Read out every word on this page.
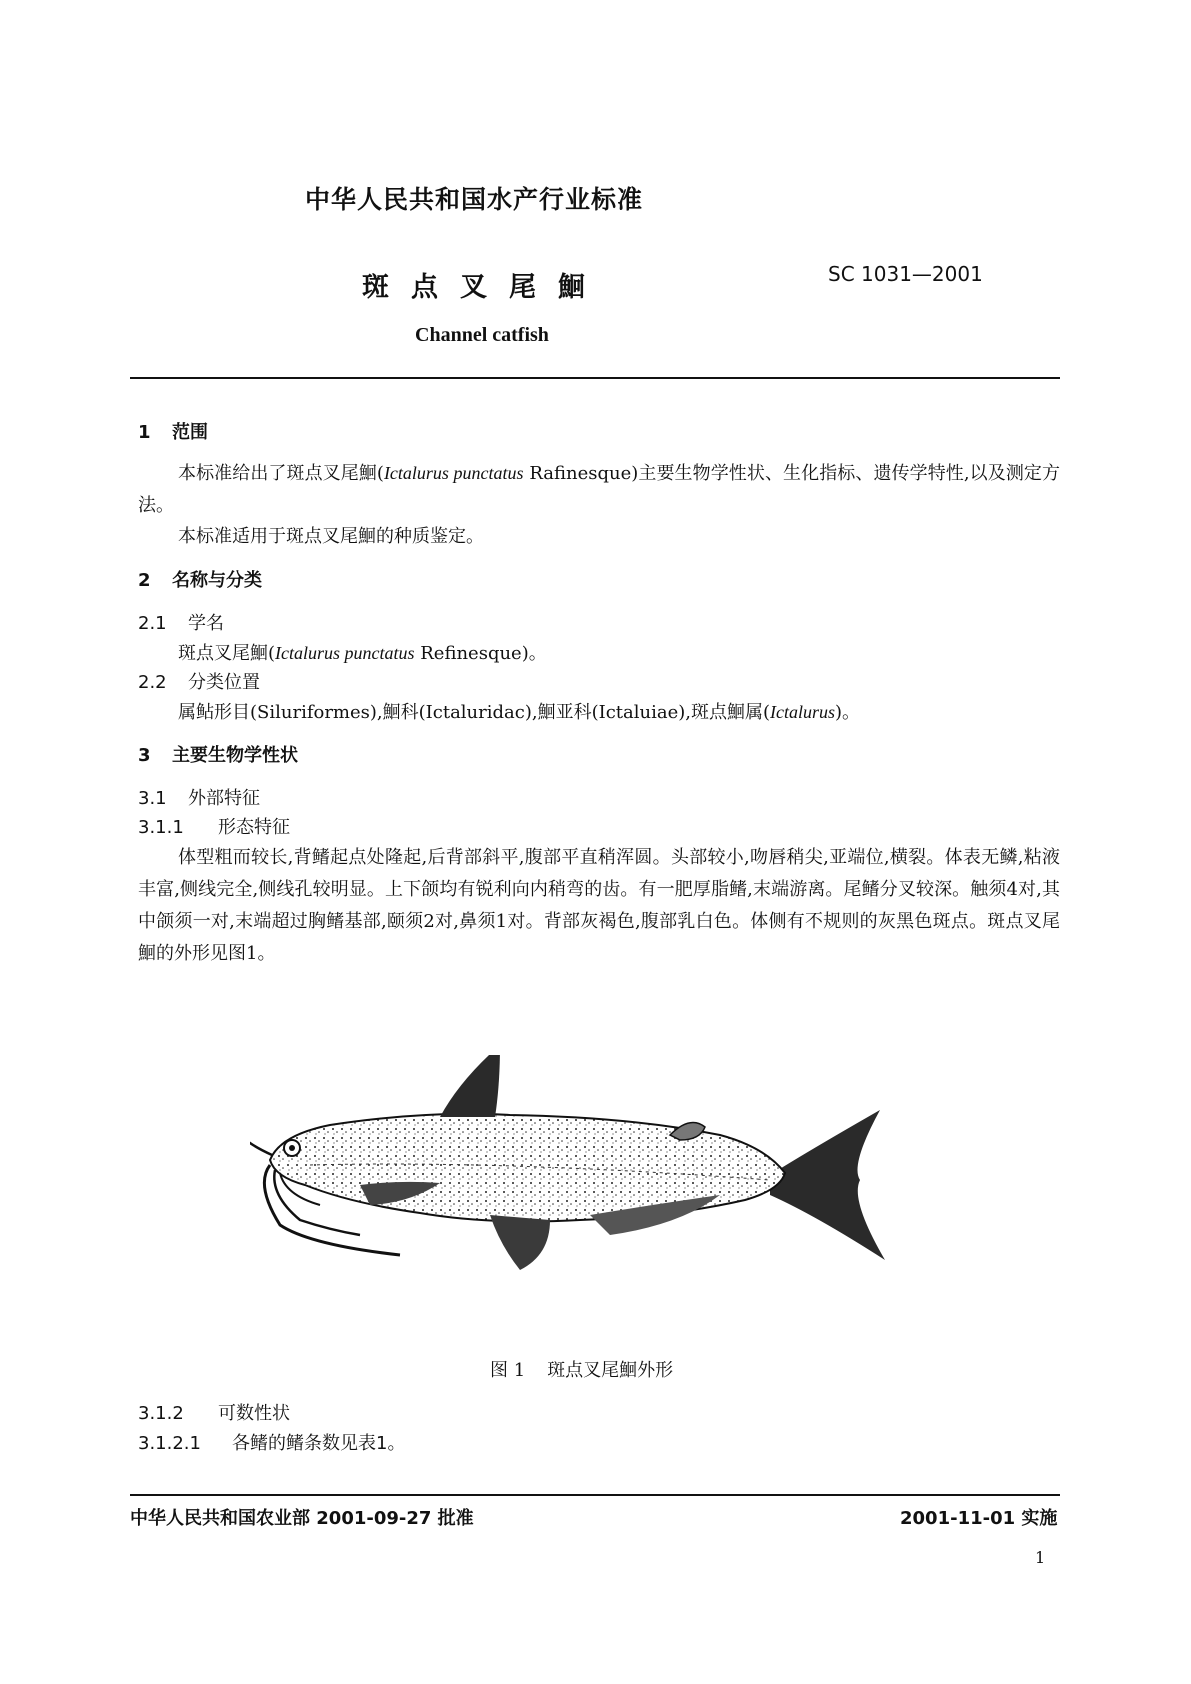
中华人民共和国水产行业标准
斑点叉尾鮰	SC 1031—2001
Channel catfish
1 范围
本标准给出了斑点叉尾鮰(Ictalurus punctatus Rafinesque)主要生物学性状、生化指标、遗传学特性,以及测定方法。
本标准适用于斑点叉尾鮰的种质鉴定。
2 名称与分类
2.1 学名
斑点叉尾鮰(Ictalurus punctatus Refinesque)。
2.2 分类位置
属鲇形目(Siluriformes),鮰科(Ictaluridac),鮰亚科(Ictaluiae),斑点鮰属(Ictalurus)。
3 主要生物学性状
3.1 外部特征
3.1.1 形态特征
体型粗而较长,背鳍起点处隆起,后背部斜平,腹部平直稍浑圆。头部较小,吻唇稍尖,亚端位,横裂。体表无鳞,粘液丰富,侧线完全,侧线孔较明显。上下颌均有锐利向内稍弯的齿。有一肥厚脂鳍,末端游离。尾鳍分叉较深。触须4对,其中颌须一对,末端超过胸鳍基部,颐须2对,鼻须1对。背部灰褐色,腹部乳白色。体侧有不规则的灰黑色斑点。斑点叉尾鮰的外形见图1。
图 1 斑点叉尾鮰外形
3.1.2 可数性状
3.1.2.1 各鳍的鳍条数见表1。
中华人民共和国农业部 2001-09-27 批准	2001-11-01 实施
1
